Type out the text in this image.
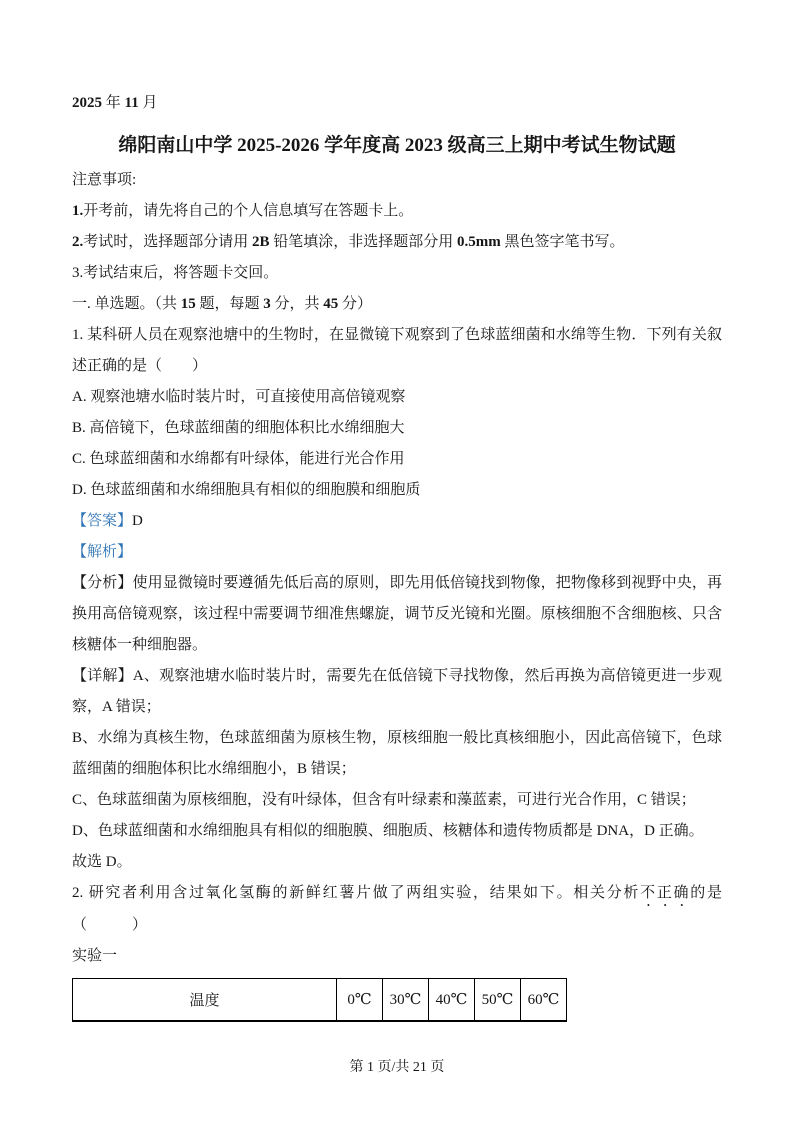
2025 年 11 月

绵阳南山中学 2025-2026 学年度高 2023 级高三上期中考试生物试题

注意事项:

1.开考前，请先将自己的个人信息填写在答题卡上。

2.考试时，选择题部分请用 2B 铅笔填涂，非选择题部分用 0.5mm 黑色签字笔书写。

3.考试结束后，将答题卡交回。

一. 单选题。（共 15 题，每题 3 分，共 45 分）

1. 某科研人员在观察池塘中的生物时，在显微镜下观察到了色球蓝细菌和水绵等生物．下列有关叙述正确的是（　　）

A. 观察池塘水临时装片时，可直接使用高倍镜观察

B. 高倍镜下，色球蓝细菌的细胞体积比水绵细胞大

C. 色球蓝细菌和水绵都有叶绿体，能进行光合作用

D. 色球蓝细菌和水绵细胞具有相似的细胞膜和细胞质

【答案】D

【解析】

【分析】使用显微镜时要遵循先低后高的原则，即先用低倍镜找到物像，把物像移到视野中央，再换用高倍镜观察，该过程中需要调节细准焦螺旋，调节反光镜和光圈。原核细胞不含细胞核、只含核糖体一种细胞器。

【详解】A、观察池塘水临时装片时，需要先在低倍镜下寻找物像，然后再换为高倍镜更进一步观察，A 错误；

B、水绵为真核生物，色球蓝细菌为原核生物，原核细胞一般比真核细胞小，因此高倍镜下，色球蓝细菌的细胞体积比水绵细胞小，B 错误；

C、色球蓝细菌为原核细胞，没有叶绿体，但含有叶绿素和藻蓝素，可进行光合作用，C 错误；

D、色球蓝细菌和水绵细胞具有相似的细胞膜、细胞质、核糖体和遗传物质都是 DNA，D 正确。

故选 D。

2. 研究者利用含过氧化氢酶的新鲜红薯片做了两组实验，结果如下。相关分析不正确的是（　　　）

实验一

温度	0℃	30℃	40℃	50℃	60℃

第 1 页/共 21 页
